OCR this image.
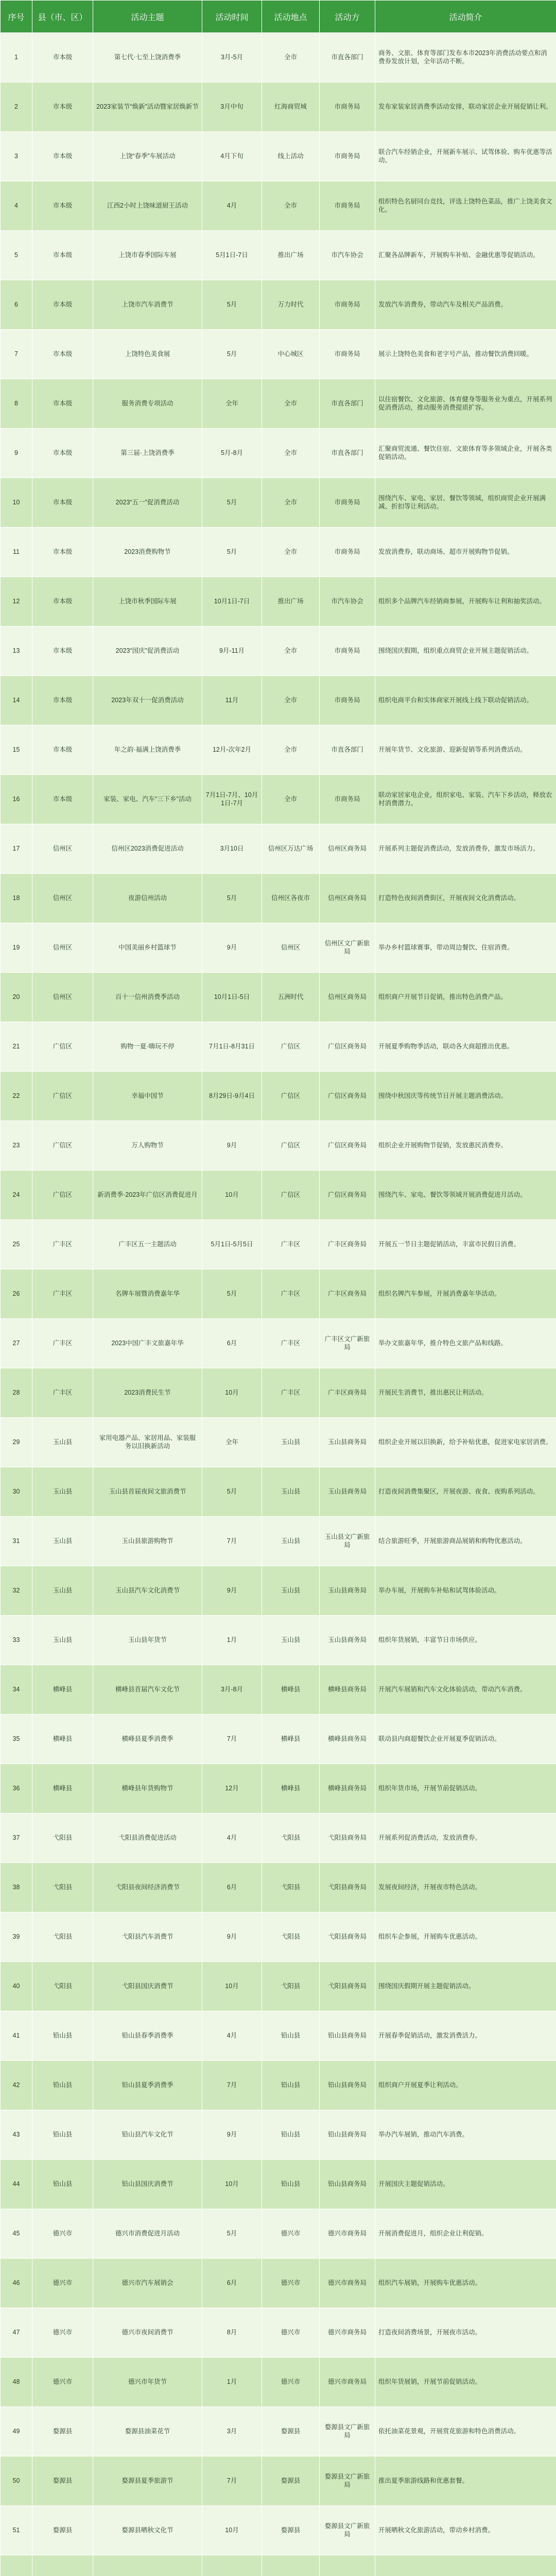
序号	县（市、区）	活动主题	活动时间	活动地点	活动方	活动简介
1	市本级	第七代·七至上饶消费季	3月-5月	全市	市直各部门	商务、文旅、体育等部门发布本市2023年消费活动要点和消费券发放计划，全年活动不断。
2	市本级	2023家装节“焕新”活动暨家居焕新节	3月中旬	红海商贸城	市商务局	发布家装家居消费季活动安排，联动家居企业开展促销让利。
3	市本级	上饶“春季”车展活动	4月下旬	线上活动	市商务局	联合汽车经销企业，开展新车展示、试驾体验、购车优惠等活动。
4	市本级	江西2小时上饶味道厨王活动	4月	全市	市商务局	组织特色名厨同台竞技，评选上饶特色菜品，推广上饶美食文化。
5	市本级	上饶市春季国际车展	5月1日-7日	推出广场	市汽车协会	汇聚各品牌新车，开展购车补贴、金融优惠等促销活动。
6	市本级	上饶市汽车消费节	5月	万力时代	市商务局	发放汽车消费券，带动汽车及相关产品消费。
7	市本级	上饶特色美食展	5月	中心城区	市商务局	展示上饶特色美食和老字号产品，推动餐饮消费回暖。
8	市本级	服务消费专项活动	全年	全市	市直各部门	以住宿餐饮、文化旅游、体育健身等服务业为重点，开展系列促消费活动，推动服务消费提质扩容。
9	市本级	第三届·上饶消费季	5月-8月	全市	市直各部门	汇聚商贸流通、餐饮住宿、文旅体育等多领域企业，开展各类促销活动。
10	市本级	2023“五一”促消费活动	5月	全市	市商务局	围绕汽车、家电、家居、餐饮等领域，组织商贸企业开展满减、折扣等让利活动。
11	市本级	2023消费购物节	5月	全市	市商务局	发放消费券，联动商场、超市开展购物节促销。
12	市本级	上饶市秋季国际车展	10月1日-7日	推出广场	市汽车协会	组织多个品牌汽车经销商参展，开展购车让利和抽奖活动。
13	市本级	2023“国庆”促消费活动	9月-11月	全市	市商务局	围绕国庆假期，组织重点商贸企业开展主题促销活动。
14	市本级	2023年双十一促消费活动	11月	全市	市商务局	组织电商平台和实体商家开展线上线下联动促销活动。
15	市本级	年之韵·福满上饶消费季	12月-次年2月	全市	市直各部门	开展年货节、文化旅游、迎新促销等系列消费活动。
16	市本级	家装、家电、汽车“三下乡”活动	7月1日-7月、10月1日-7月	全市	市商务局	联动家居家电企业，组织家电、家装、汽车下乡活动，释放农村消费潜力。
17	信州区	信州区2023消费促进活动	3月10日	信州区万达广场	信州区商务局	开展系列主题促消费活动，发放消费券，激发市场活力。
18	信州区	夜游信州活动	5月	信州区各夜市	信州区商务局	打造特色夜间消费街区，开展夜间文化消费活动。
19	信州区	中国美丽乡村篮球节	9月	信州区	信州区文广新旅局	举办乡村篮球赛事，带动周边餐饮、住宿消费。
20	信州区	百十一信州消费季活动	10月1日-5日	五洲时代	信州区商务局	组织商户开展节日促销，推出特色消费产品。
21	广信区	购物一夏·嗨玩不停	7月1日-8月31日	广信区	广信区商务局	开展夏季购物季活动，联动各大商超推出优惠。
22	广信区	幸福中国节	8月29日-9月4日	广信区	广信区商务局	围绕中秋国庆等传统节日开展主题消费活动。
23	广信区	万人购物节	9月	广信区	广信区商务局	组织企业开展购物节促销，发放惠民消费券。
24	广信区	新消费季·2023年广信区消费促进月	10月	广信区	广信区商务局	围绕汽车、家电、餐饮等领域开展消费促进月活动。
25	广丰区	广丰区五一主题活动	5月1日-5月5日	广丰区	广丰区商务局	开展五一节日主题促销活动，丰富市民假日消费。
26	广丰区	名牌车展暨消费嘉年华	5月	广丰区	广丰区商务局	组织名牌汽车参展，开展消费嘉年华活动。
27	广丰区	2023中国广丰文旅嘉年华	6月	广丰区	广丰区文广新旅局	举办文旅嘉年华，推介特色文旅产品和线路。
28	广丰区	2023消费民生节	10月	广丰区	广丰区商务局	开展民生消费节，推出惠民让利活动。
29	玉山县	家用电器产品、家居用品、家装服务以旧换新活动	全年	玉山县	玉山县商务局	组织企业开展以旧换新，给予补贴优惠，促进家电家居消费。
30	玉山县	玉山县首届夜间文旅消费节	5月	玉山县	玉山县商务局	打造夜间消费集聚区，开展夜游、夜食、夜购系列活动。
31	玉山县	玉山县旅游购物节	7月	玉山县	玉山县文广新旅局	结合旅游旺季，开展旅游商品展销和购物优惠活动。
32	玉山县	玉山县汽车文化消费节	9月	玉山县	玉山县商务局	举办车展，开展购车补贴和试驾体验活动。
33	玉山县	玉山县年货节	1月	玉山县	玉山县商务局	组织年货展销，丰富节日市场供应。
34	横峰县	横峰县首届汽车文化节	3月-8月	横峰县	横峰县商务局	开展汽车展销和汽车文化体验活动，带动汽车消费。
35	横峰县	横峰县夏季消费季	7月	横峰县	横峰县商务局	联动县内商超餐饮企业开展夏季促销活动。
36	横峰县	横峰县年货购物节	12月	横峰县	横峰县商务局	组织年货市场，开展节前促销活动。
37	弋阳县	弋阳县消费促进活动	4月	弋阳县	弋阳县商务局	开展系列促消费活动，发放消费券。
38	弋阳县	弋阳县夜间经济消费节	6月	弋阳县	弋阳县商务局	发展夜间经济，开展夜市特色活动。
39	弋阳县	弋阳县汽车消费节	9月	弋阳县	弋阳县商务局	组织车企参展，开展购车优惠活动。
40	弋阳县	弋阳县国庆消费节	10月	弋阳县	弋阳县商务局	围绕国庆假期开展主题促销活动。
41	铅山县	铅山县春季消费季	4月	铅山县	铅山县商务局	开展春季促销活动，激发消费活力。
42	铅山县	铅山县夏季消费季	7月	铅山县	铅山县商务局	组织商户开展夏季让利活动。
43	铅山县	铅山县汽车文化节	9月	铅山县	铅山县商务局	举办汽车展销，推动汽车消费。
44	铅山县	铅山县国庆消费节	10月	铅山县	铅山县商务局	开展国庆主题促销活动。
45	德兴市	德兴市消费促进月活动	5月	德兴市	德兴市商务局	开展消费促进月，组织企业让利促销。
46	德兴市	德兴市汽车展销会	6月	德兴市	德兴市商务局	组织汽车展销，开展购车优惠活动。
47	德兴市	德兴市夜间消费节	8月	德兴市	德兴市商务局	打造夜间消费场景，开展夜市活动。
48	德兴市	德兴市年货节	1月	德兴市	德兴市商务局	组织年货展销，开展节前促销活动。
49	婺源县	婺源县油菜花节	3月	婺源县	婺源县文广新旅局	依托油菜花景观，开展赏花旅游和特色消费活动。
50	婺源县	婺源县夏季旅游节	7月	婺源县	婺源县文广新旅局	推出夏季旅游线路和优惠套餐。
51	婺源县	婺源县晒秋文化节	10月	婺源县	婺源县文广新旅局	开展晒秋文化旅游活动，带动乡村消费。
